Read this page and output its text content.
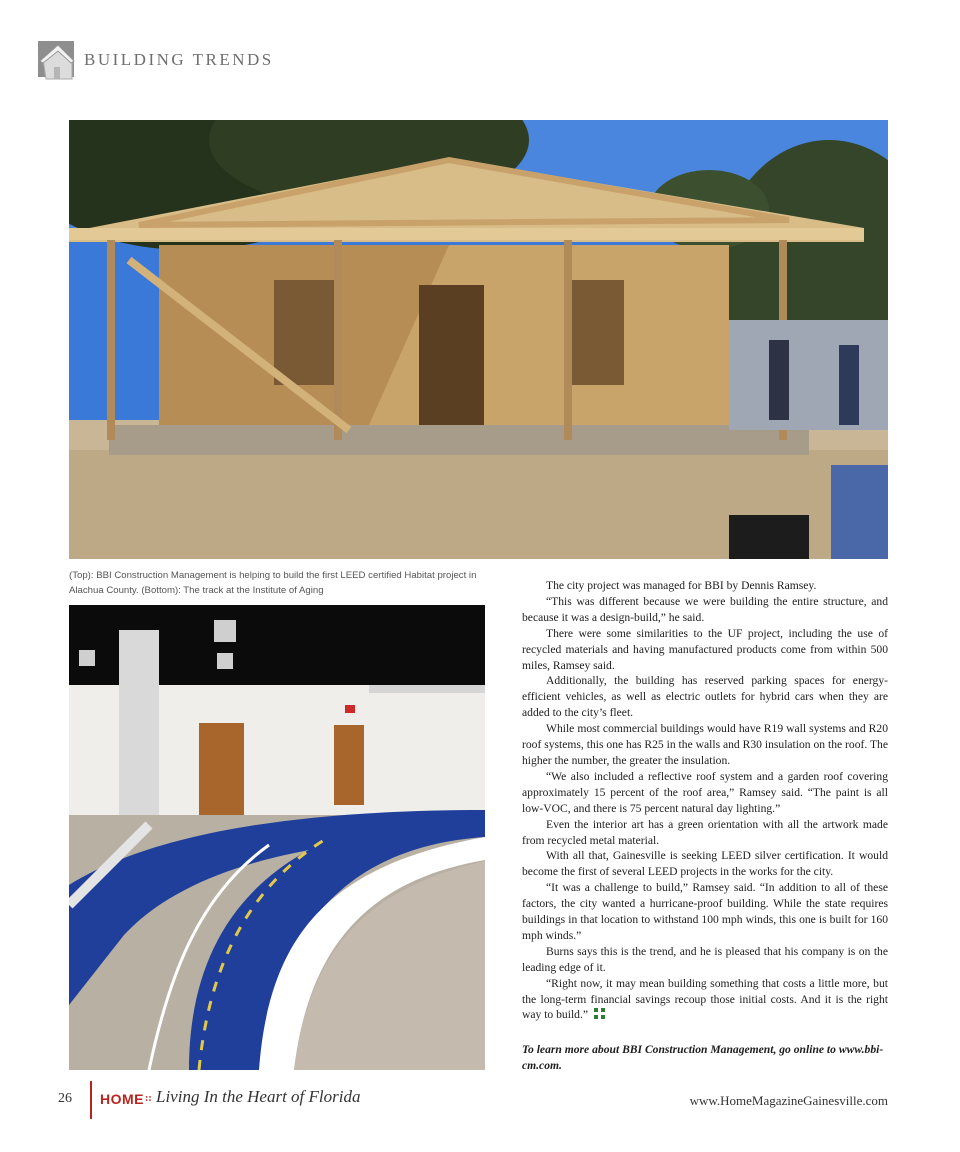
BUILDING TRENDS
(Top): BBI Construction Management is helping to build the first LEED certified Habitat project in Alachua County. (Bottom): The track at the Institute of Aging	The city project was managed for BBI by Dennis Ramsey.

“This was different because we were building the entire structure, and because it was a design-build,” he said.

There were some similarities to the UF project, including the use of recycled materials and having manufactured products come from within 500 miles, Ramsey said.

Additionally, the building has reserved parking spaces for energy-efficient vehicles, as well as electric outlets for hybrid cars when they are added to the city’s fleet.

While most commercial buildings would have R19 wall systems and R20 roof systems, this one has R25 in the walls and R30 insulation on the roof. The higher the number, the greater the insulation.

“We also included a reflective roof system and a garden roof covering approximately 15 percent of the roof area,” Ramsey said. “The paint is all low-VOC, and there is 75 percent natural day lighting.”

Even the interior art has a green orientation with all the artwork made from recycled metal material.

With all that, Gainesville is seeking LEED silver certification. It would become the first of several LEED projects in the works for the city.

“It was a challenge to build,” Ramsey said. “In addition to all of these factors, the city wanted a hurricane-proof building. While the state requires buildings in that location to withstand 100 mph winds, this one is built for 160 mph winds.”

Burns says this is the trend, and he is pleased that his company is on the leading edge of it.

“Right now, it may mean building something that costs a little more, but the long-term financial savings recoup those initial costs. And it is the right way to build.”

To learn more about BBI Construction Management, go online to www.bbi-cm.com.
26 HOME :: Living In the Heart of Florida	www.HomeMagazineGainesville.com
